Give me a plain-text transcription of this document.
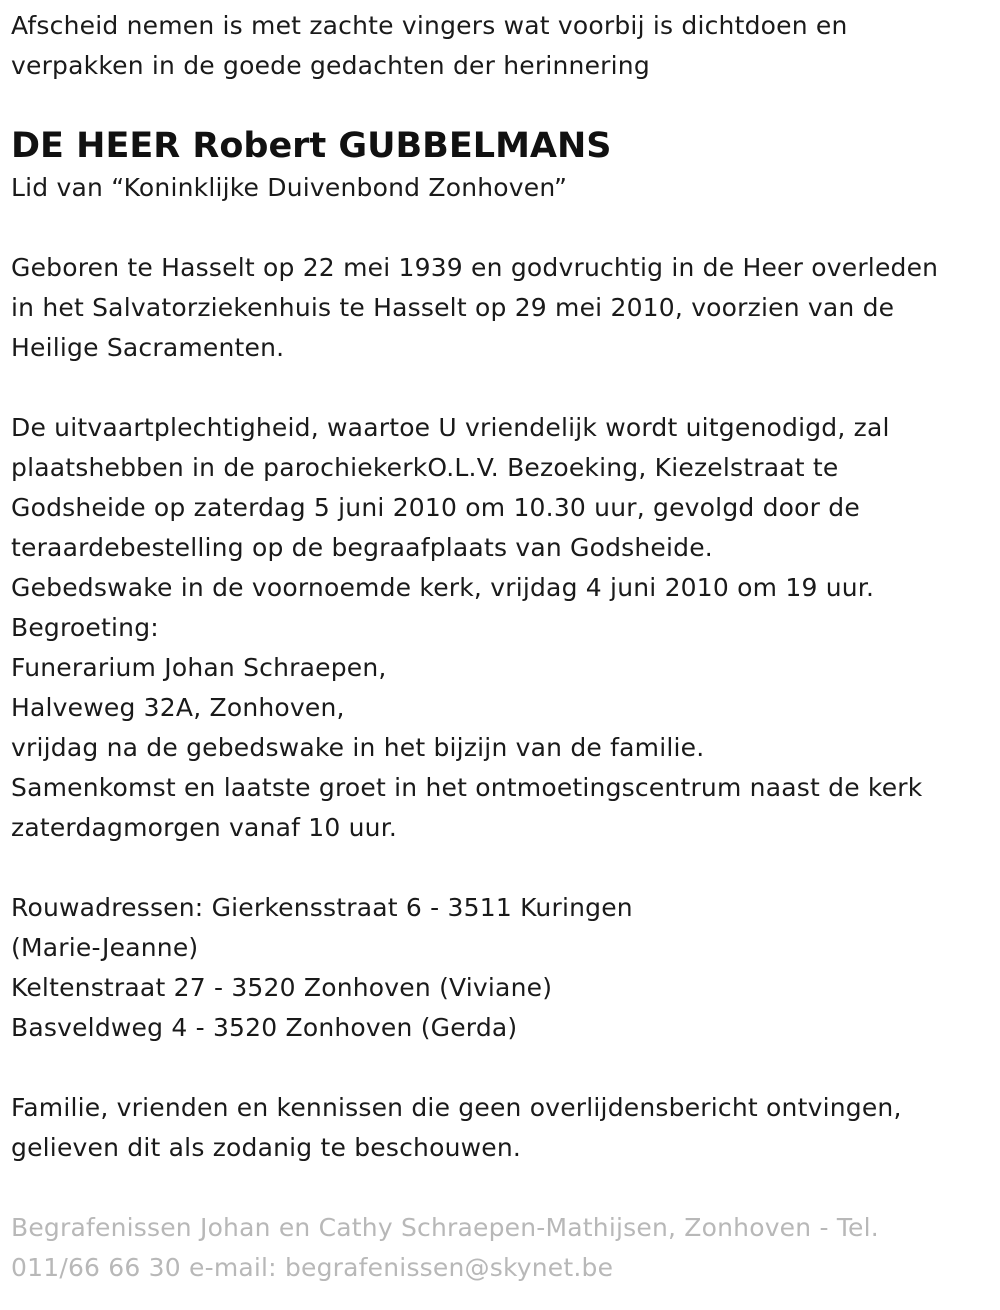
Afscheid nemen is met zachte vingers wat voorbij is dichtdoen en
verpakken in de goede gedachten der herinnering
DE HEER Robert GUBBELMANS
Lid van “Koninklijke Duivenbond Zonhoven”
Geboren te Hasselt op 22 mei 1939 en godvruchtig in de Heer overleden
in het Salvatorziekenhuis te Hasselt op 29 mei 2010, voorzien van de
Heilige Sacramenten.
De uitvaartplechtigheid, waartoe U vriendelijk wordt uitgenodigd, zal
plaatshebben in de parochiekerkO.L.V. Bezoeking, Kiezelstraat te
Godsheide op zaterdag 5 juni 2010 om 10.30 uur, gevolgd door de
teraardebestelling op de begraafplaats van Godsheide.
Gebedswake in de voornoemde kerk, vrijdag 4 juni 2010 om 19 uur.
Begroeting:
Funerarium Johan Schraepen,
Halveweg 32A, Zonhoven,
vrijdag na de gebedswake in het bijzijn van de familie.
Samenkomst en laatste groet in het ontmoetingscentrum naast de kerk
zaterdagmorgen vanaf 10 uur.
Rouwadressen: Gierkensstraat 6 - 3511 Kuringen
(Marie-Jeanne)
Keltenstraat 27 - 3520 Zonhoven (Viviane)
Basveldweg 4 - 3520 Zonhoven (Gerda)
Familie, vrienden en kennissen die geen overlijdensbericht ontvingen,
gelieven dit als zodanig te beschouwen.
Begrafenissen Johan en Cathy Schraepen-Mathijsen, Zonhoven - Tel.
011/66 66 30 e-mail: begrafenissen@skynet.be
